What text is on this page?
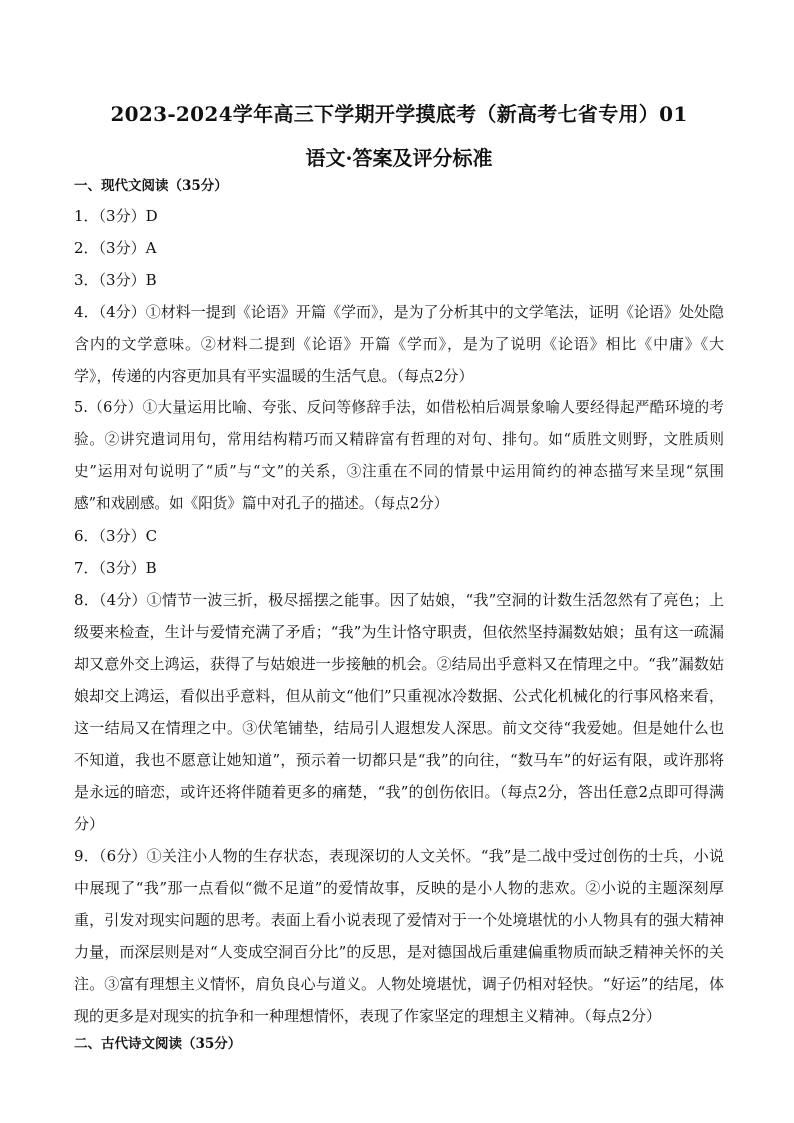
2023-2024学年高三下学期开学摸底考（新高考七省专用）01
语文·答案及评分标准
一、现代文阅读（35分）

1．（3分）D

2．（3分）A

3．（3分）B

4．（4分）①材料一提到《论语》开篇《学而》，是为了分析其中的文学笔法，证明《论语》处处隐含内的文学意味。②材料二提到《论语》开篇《学而》，是为了说明《论语》相比《中庸》《大学》，传递的内容更加具有平实温暖的生活气息。（每点2分）

5.（6分）①大量运用比喻、夸张、反问等修辞手法，如借松柏后凋景象喻人要经得起严酷环境的考验。②讲究遣词用句，常用结构精巧而又精辟富有哲理的对句、排句。如“质胜文则野，文胜质则史”运用对句说明了“质”与“文”的关系，③注重在不同的情景中运用简约的神态描写来呈现“氛围感”和戏剧感。如《阳货》篇中对孔子的描述。（每点2分）

6．（3分）C

7．（3分）B

8．（4分）①情节一波三折，极尽摇摆之能事。因了姑娘，“我”空洞的计数生活忽然有了亮色；上级要来检查，生计与爱情充满了矛盾；“我”为生计恪守职责，但依然坚持漏数姑娘；虽有这一疏漏却又意外交上鸿运，获得了与姑娘进一步接触的机会。②结局出乎意料又在情理之中。“我”漏数姑娘却交上鸿运，看似出乎意料，但从前文“他们”只重视冰冷数据、公式化机械化的行事风格来看，这一结局又在情理之中。③伏笔铺垫，结局引人遐想发人深思。前文交待“我爱她。但是她什么也不知道，我也不愿意让她知道”，预示着一切都只是“我”的向往，“数马车”的好运有限，或许那将是永远的暗恋，或许还将伴随着更多的痛楚，“我”的创伤依旧。（每点2分，答出任意2点即可得满分）

9．（6分）①关注小人物的生存状态，表现深切的人文关怀。“我”是二战中受过创伤的士兵，小说中展现了“我”那一点看似“微不足道”的爱情故事，反映的是小人物的悲欢。②小说的主题深刻厚重，引发对现实问题的思考。表面上看小说表现了爱情对于一个处境堪忧的小人物具有的强大精神力量，而深层则是对“人变成空洞百分比”的反思，是对德国战后重建偏重物质而缺乏精神关怀的关注。③富有理想主义情怀，肩负良心与道义。人物处境堪忧，调子仍相对轻快。“好运”的结尾，体现的更多是对现实的抗争和一种理想情怀，表现了作家坚定的理想主义精神。（每点2分）

二、古代诗文阅读（35分）
